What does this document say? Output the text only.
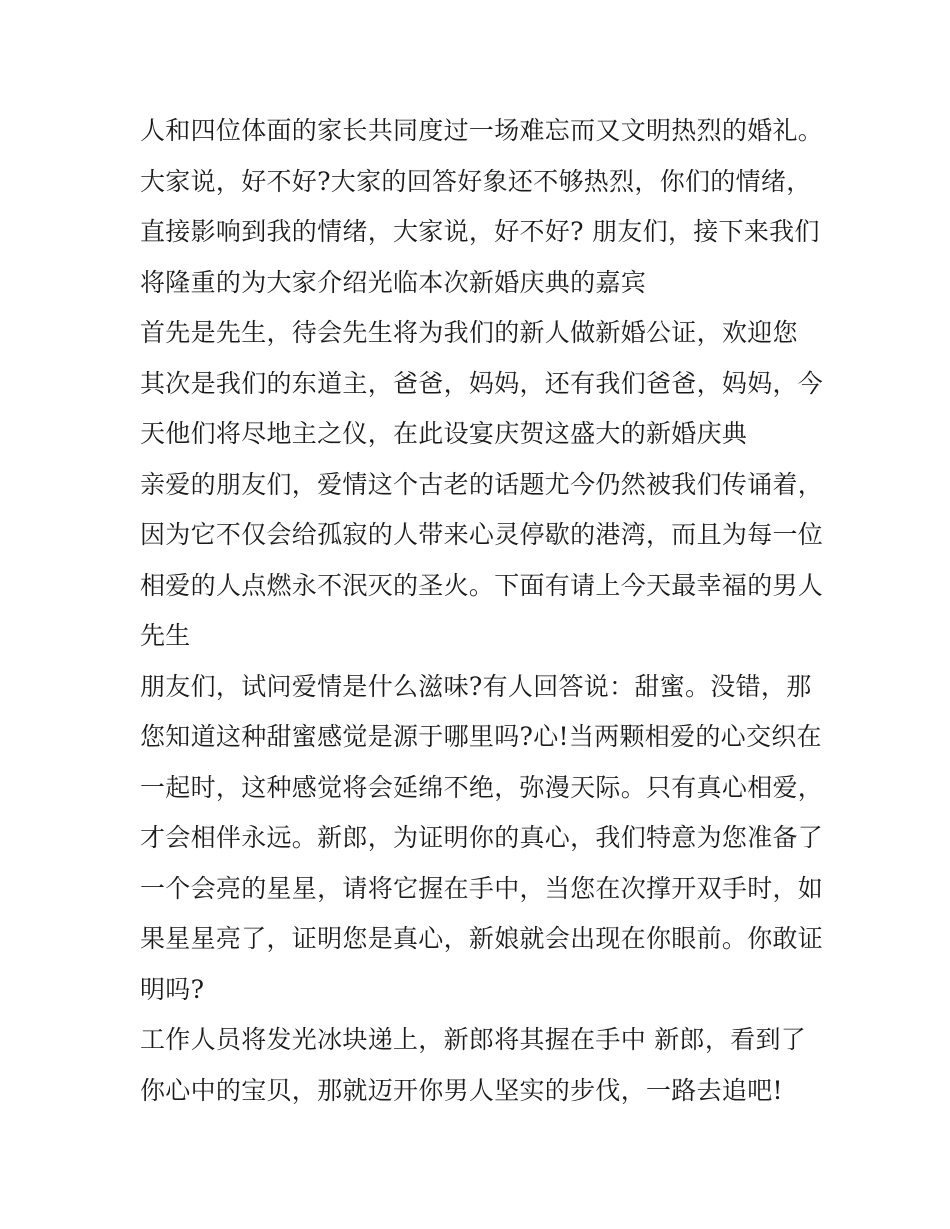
人和四位体面的家长共同度过一场难忘而又文明热烈的婚礼。
大家说，好不好?大家的回答好象还不够热烈，你们的情绪，
直接影响到我的情绪，大家说，好不好? 朋友们，接下来我们
将隆重的为大家介绍光临本次新婚庆典的嘉宾
首先是先生，待会先生将为我们的新人做新婚公证，欢迎您
其次是我们的东道主，爸爸，妈妈，还有我们爸爸，妈妈，今
天他们将尽地主之仪，在此设宴庆贺这盛大的新婚庆典
亲爱的朋友们，爱情这个古老的话题尤今仍然被我们传诵着，
因为它不仅会给孤寂的人带来心灵停歇的港湾，而且为每一位
相爱的人点燃永不泯灭的圣火。下面有请上今天最幸福的男人
先生
朋友们，试问爱情是什么滋味?有人回答说：甜蜜。没错，那
您知道这种甜蜜感觉是源于哪里吗?心!当两颗相爱的心交织在
一起时，这种感觉将会延绵不绝，弥漫天际。只有真心相爱，
才会相伴永远。新郎，为证明你的真心，我们特意为您准备了
一个会亮的星星，请将它握在手中，当您在次撑开双手时，如
果星星亮了，证明您是真心，新娘就会出现在你眼前。你敢证
明吗?
工作人员将发光冰块递上，新郎将其握在手中 新郎，看到了
你心中的宝贝，那就迈开你男人坚实的步伐，一路去追吧!
